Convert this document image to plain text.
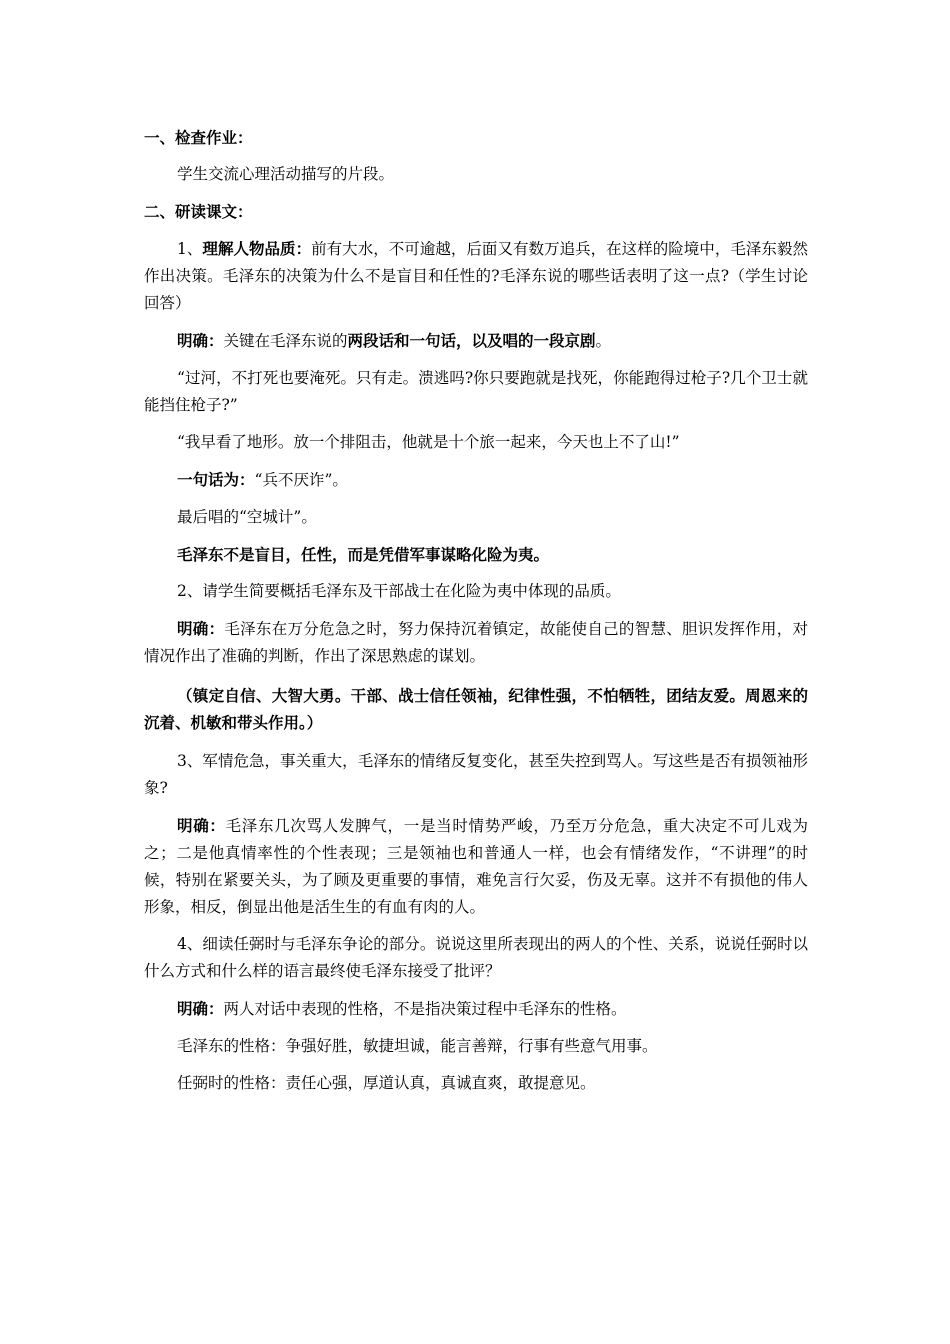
一、检查作业：

学生交流心理活动描写的片段。

二、研读课文：

1、理解人物品质：前有大水，不可逾越，后面又有数万追兵，在这样的险境中，毛泽东毅然作出决策。毛泽东的决策为什么不是盲目和任性的?毛泽东说的哪些话表明了这一点?（学生讨论回答）

明确：关键在毛泽东说的两段话和一句话，以及唱的一段京剧。

“过河，不打死也要淹死。只有走。溃逃吗?你只要跑就是找死，你能跑得过枪子?几个卫士就能挡住枪子?”

“我早看了地形。放一个排阻击，他就是十个旅一起来，今天也上不了山!”

一句话为：“兵不厌诈”。

最后唱的“空城计”。

毛泽东不是盲目，任性，而是凭借军事谋略化险为夷。

2、请学生简要概括毛泽东及干部战士在化险为夷中体现的品质。

明确：毛泽东在万分危急之时，努力保持沉着镇定，故能使自己的智慧、胆识发挥作用，对情况作出了准确的判断，作出了深思熟虑的谋划。

（镇定自信、大智大勇。干部、战士信任领袖，纪律性强，不怕牺牲，团结友爱。周恩来的沉着、机敏和带头作用。）

3、军情危急，事关重大，毛泽东的情绪反复变化，甚至失控到骂人。写这些是否有损领袖形象?

明确：毛泽东几次骂人发脾气，一是当时情势严峻，乃至万分危急，重大决定不可儿戏为之；二是他真情率性的个性表现；三是领袖也和普通人一样，也会有情绪发作，“不讲理”的时候，特别在紧要关头，为了顾及更重要的事情，难免言行欠妥，伤及无辜。这并不有损他的伟人形象，相反，倒显出他是活生生的有血有肉的人。

4、细读任弼时与毛泽东争论的部分。说说这里所表现出的两人的个性、关系，说说任弼时以什么方式和什么样的语言最终使毛泽东接受了批评？

明确：两人对话中表现的性格，不是指决策过程中毛泽东的性格。

毛泽东的性格：争强好胜，敏捷坦诚，能言善辩，行事有些意气用事。

任弼时的性格：责任心强，厚道认真，真诚直爽，敢提意见。
